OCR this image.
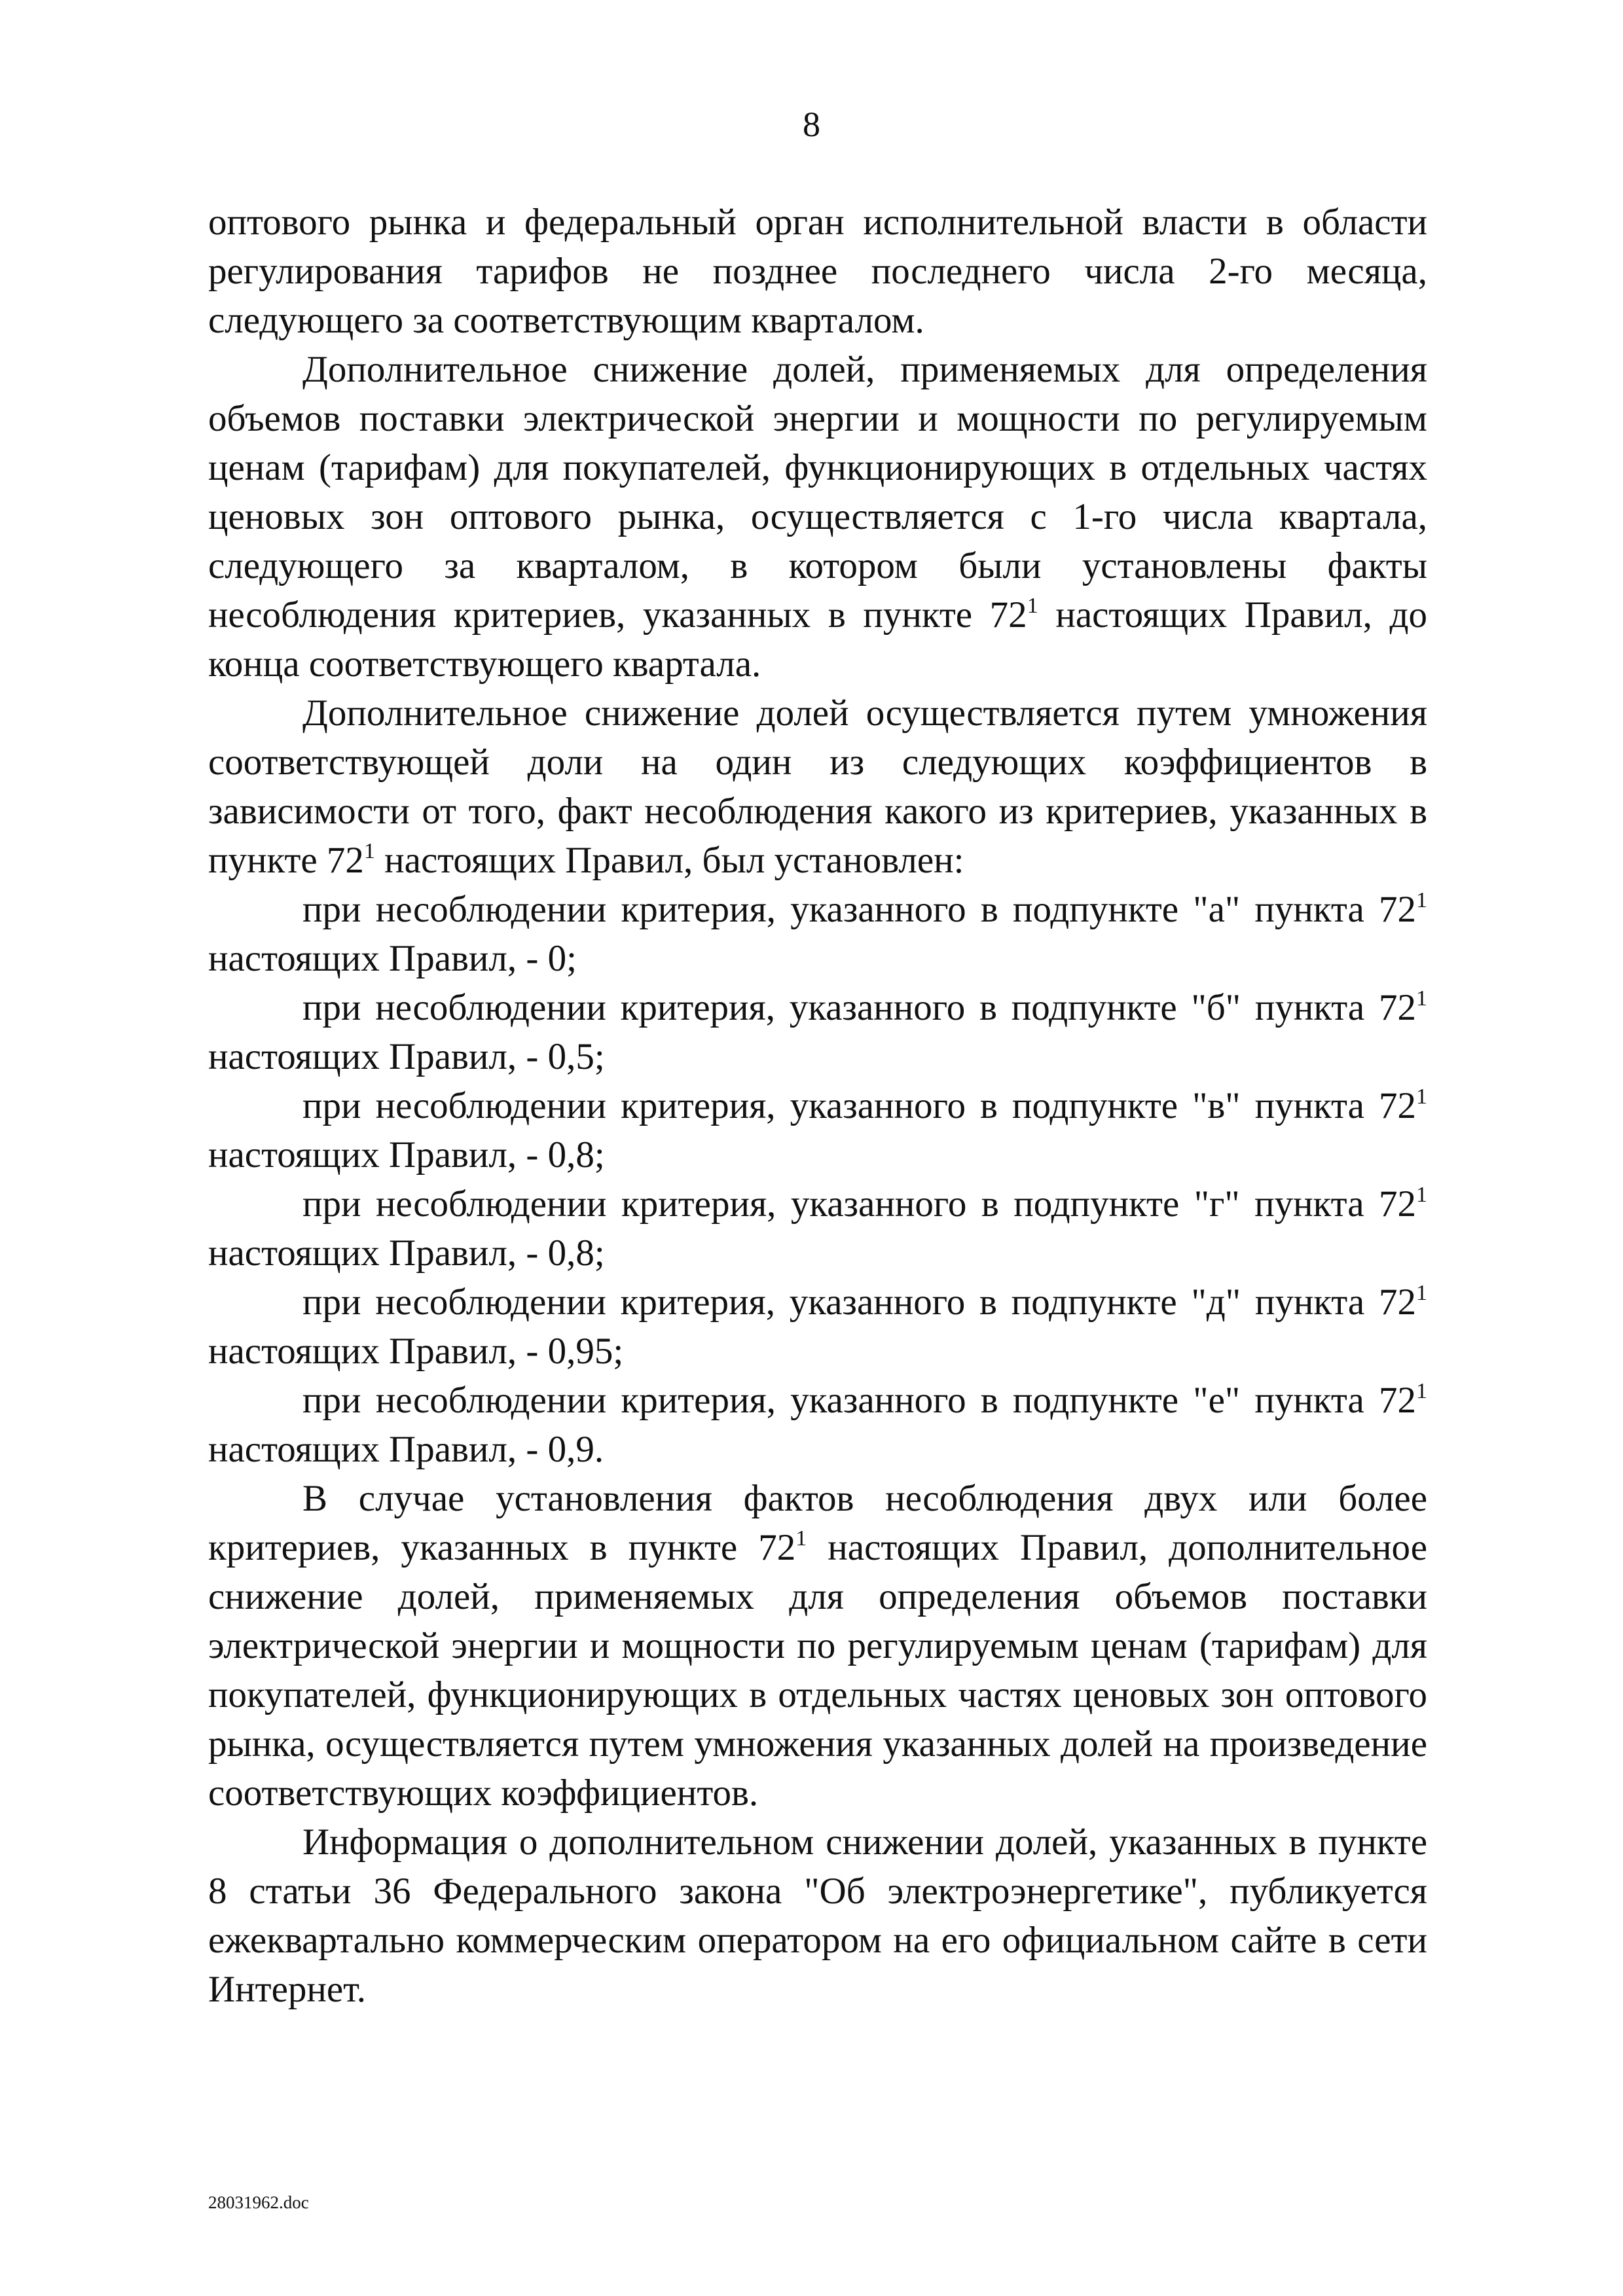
8

оптового рынка и федеральный орган исполнительной власти в области регулирования тарифов не позднее последнего числа 2-го месяца, следующего за соответствующим кварталом.

Дополнительное снижение долей, применяемых для определения объемов поставки электрической энергии и мощности по регулируемым ценам (тарифам) для покупателей, функционирующих в отдельных частях ценовых зон оптового рынка, осуществляется с 1-го числа квартала, следующего за кварталом, в котором были установлены факты несоблюдения критериев, указанных в пункте $72^1$ настоящих Правил, до конца соответствующего квартала.

Дополнительное снижение долей осуществляется путем умножения соответствующей доли на один из следующих коэффициентов в зависимости от того, факт несоблюдения какого из критериев, указанных в пункте $72^1$ настоящих Правил, был установлен:

при несоблюдении критерия, указанного в подпункте "а" пункта $72^1$ настоящих Правил, - 0;

при несоблюдении критерия, указанного в подпункте "б" пункта $72^1$ настоящих Правил, - 0,5;

при несоблюдении критерия, указанного в подпункте "в" пункта $72^1$ настоящих Правил, - 0,8;

при несоблюдении критерия, указанного в подпункте "г" пункта $72^1$ настоящих Правил, - 0,8;

при несоблюдении критерия, указанного в подпункте "д" пункта $72^1$ настоящих Правил, - 0,95;

при несоблюдении критерия, указанного в подпункте "е" пункта $72^1$ настоящих Правил, - 0,9.

В случае установления фактов несоблюдения двух или более критериев, указанных в пункте $72^1$ настоящих Правил, дополнительное снижение долей, применяемых для определения объемов поставки электрической энергии и мощности по регулируемым ценам (тарифам) для покупателей, функционирующих в отдельных частях ценовых зон оптового рынка, осуществляется путем умножения указанных долей на произведение соответствующих коэффициентов.

Информация о дополнительном снижении долей, указанных в пункте 8 статьи 36 Федерального закона "Об электроэнергетике", публикуется ежеквартально коммерческим оператором на его официальном сайте в сети Интернет.

28031962.doc
